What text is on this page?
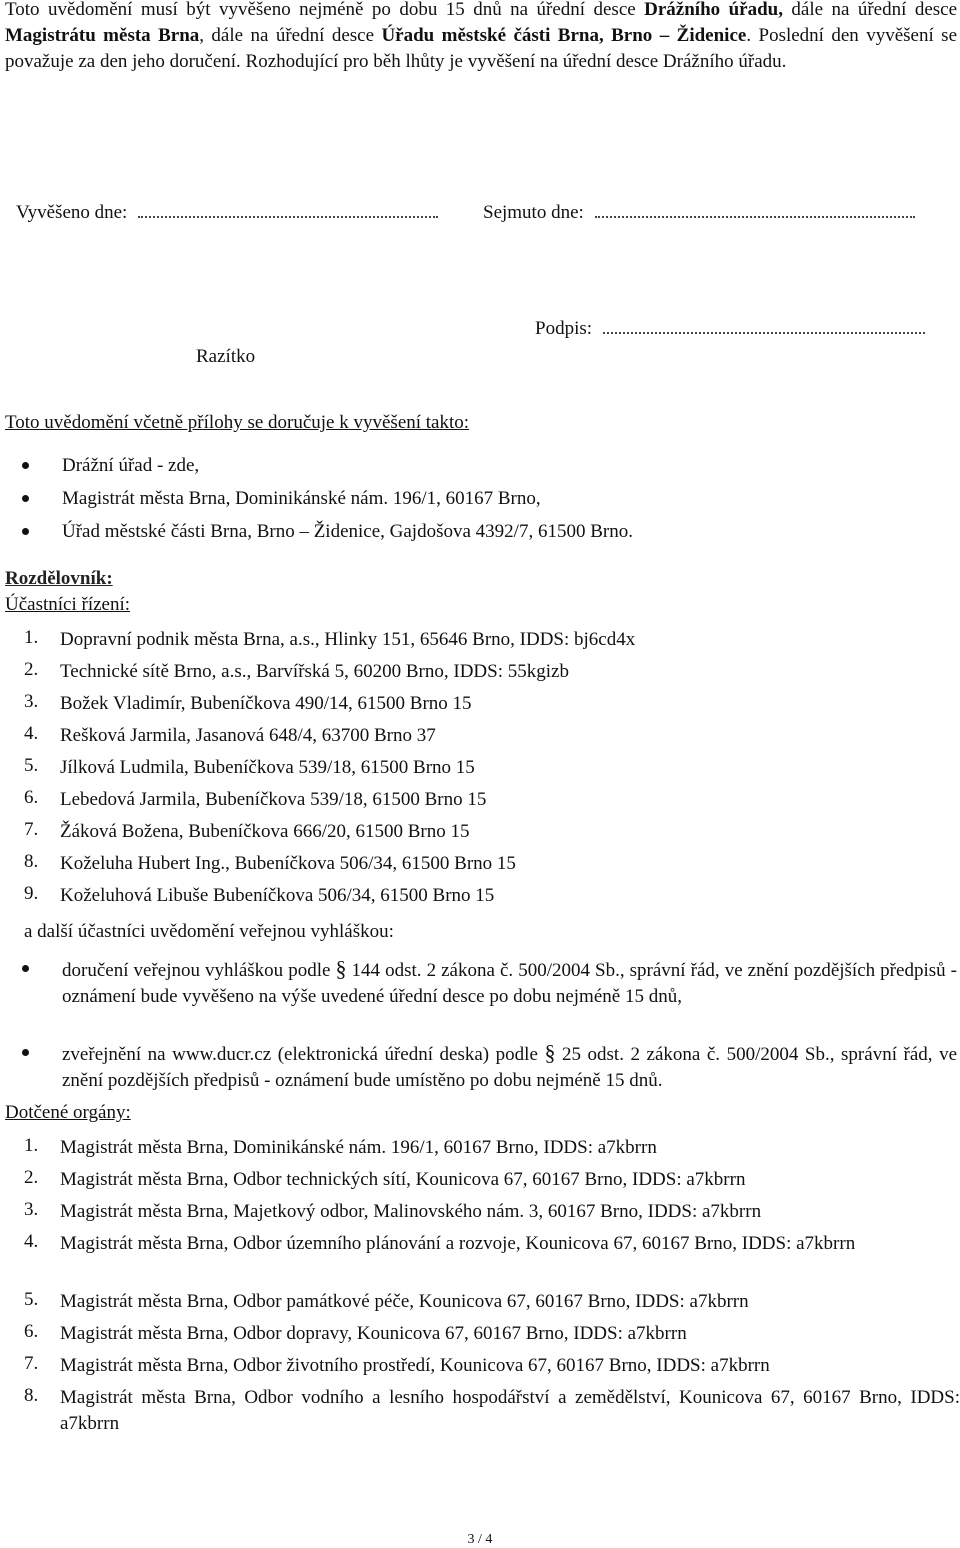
Toto uvědomění musí být vyvěšeno nejméně po dobu 15 dnů na úřední desce Drážního úřadu, dále na úřední desce Magistrátu města Brna, dále na úřední desce Úřadu městské části Brna, Brno – Židenice. Poslední den vyvěšení se považuje za den jeho doručení. Rozhodující pro běh lhůty je vyvěšení na úřední desce Drážního úřadu.
Vyvěšeno dne:	Sejmuto dne:
Podpis:
Razítko
Toto uvědomění včetně přílohy se doručuje k vyvěšení takto:
Drážní úřad - zde,
Magistrát města Brna, Dominikánské nám. 196/1, 60167 Brno,
Úřad městské části Brna, Brno – Židenice, Gajdošova 4392/7, 61500 Brno.
Rozdělovník:
Účastníci řízení:
1. Dopravní podnik města Brna, a.s., Hlinky 151, 65646 Brno, IDDS: bj6cd4x
2. Technické sítě Brno, a.s., Barvířská 5, 60200 Brno, IDDS: 55kgizb
3. Božek Vladimír, Bubeníčkova 490/14, 61500 Brno 15
4. Rešková Jarmila, Jasanová 648/4, 63700 Brno 37
5. Jílková Ludmila, Bubeníčkova 539/18, 61500 Brno 15
6. Lebedová Jarmila, Bubeníčkova 539/18, 61500 Brno 15
7. Žáková Božena, Bubeníčkova 666/20, 61500 Brno 15
8. Koželuha Hubert Ing., Bubeníčkova 506/34, 61500 Brno 15
9. Koželuhová Libuše Bubeníčkova 506/34, 61500 Brno 15
a další účastníci uvědomění veřejnou vyhláškou:
doručení veřejnou vyhláškou podle § 144 odst. 2 zákona č. 500/2004 Sb., správní řád, ve znění pozdějších předpisů - oznámení bude vyvěšeno na výše uvedené úřední desce po dobu nejméně 15 dnů,
zveřejnění na www.ducr.cz (elektronická úřední deska) podle § 25 odst. 2 zákona č. 500/2004 Sb., správní řád, ve znění pozdějších předpisů - oznámení bude umístěno po dobu nejméně 15 dnů.
Dotčené orgány:
1. Magistrát města Brna, Dominikánské nám. 196/1, 60167 Brno, IDDS: a7kbrrn
2. Magistrát města Brna, Odbor technických sítí, Kounicova 67, 60167 Brno, IDDS: a7kbrrn
3. Magistrát města Brna, Majetkový odbor, Malinovského nám. 3, 60167 Brno, IDDS: a7kbrrn
4. Magistrát města Brna, Odbor územního plánování a rozvoje, Kounicova 67, 60167 Brno, IDDS: a7kbrrn
5. Magistrát města Brna, Odbor památkové péče, Kounicova 67, 60167 Brno, IDDS: a7kbrrn
6. Magistrát města Brna, Odbor dopravy, Kounicova 67, 60167 Brno, IDDS: a7kbrrn
7. Magistrát města Brna, Odbor životního prostředí, Kounicova 67, 60167 Brno, IDDS: a7kbrrn
8. Magistrát města Brna, Odbor vodního a lesního hospodářství a zemědělství, Kounicova 67, 60167 Brno, IDDS: a7kbrrn
3 / 4
